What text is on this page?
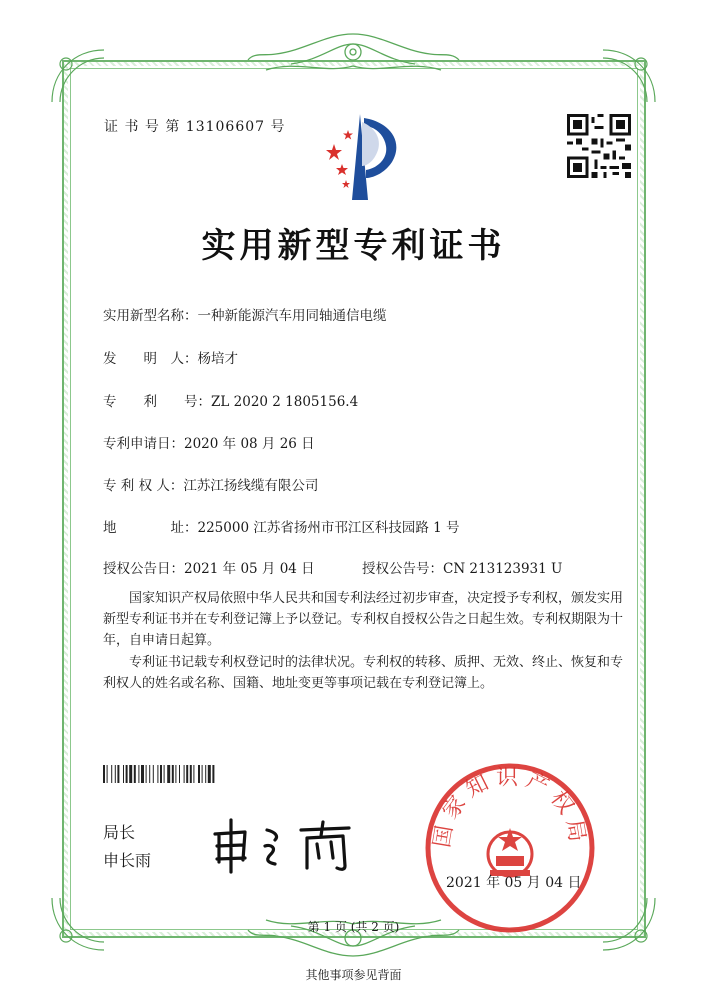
证 书 号 第 13106607 号
实用新型专利证书
实用新型名称：一种新能源汽车用同轴通信电缆
发　　明　人：杨培才
专　　利　　号：ZL 2020 2 1805156.4
专利申请日：2020 年 08 月 26 日
专 利 权 人：江苏江扬线缆有限公司
地　　　　址：225000 江苏省扬州市邗江区科技园路 1 号
授权公告日：2021 年 05 月 04 日	授权公告号：CN 213123931 U
国家知识产权局依照中华人民共和国专利法经过初步审查，决定授予专利权，颁发实用新型专利证书并在专利登记簿上予以登记。专利权自授权公告之日起生效。专利权期限为十年，自申请日起算。
专利证书记载专利权登记时的法律状况。专利权的转移、质押、无效、终止、恢复和专利权人的姓名或名称、国籍、地址变更等事项记载在专利登记簿上。
局长
申长雨
国家知识产权局
2021 年 05 月 04 日
第 1 页 (共 2 页)
其他事项参见背面
